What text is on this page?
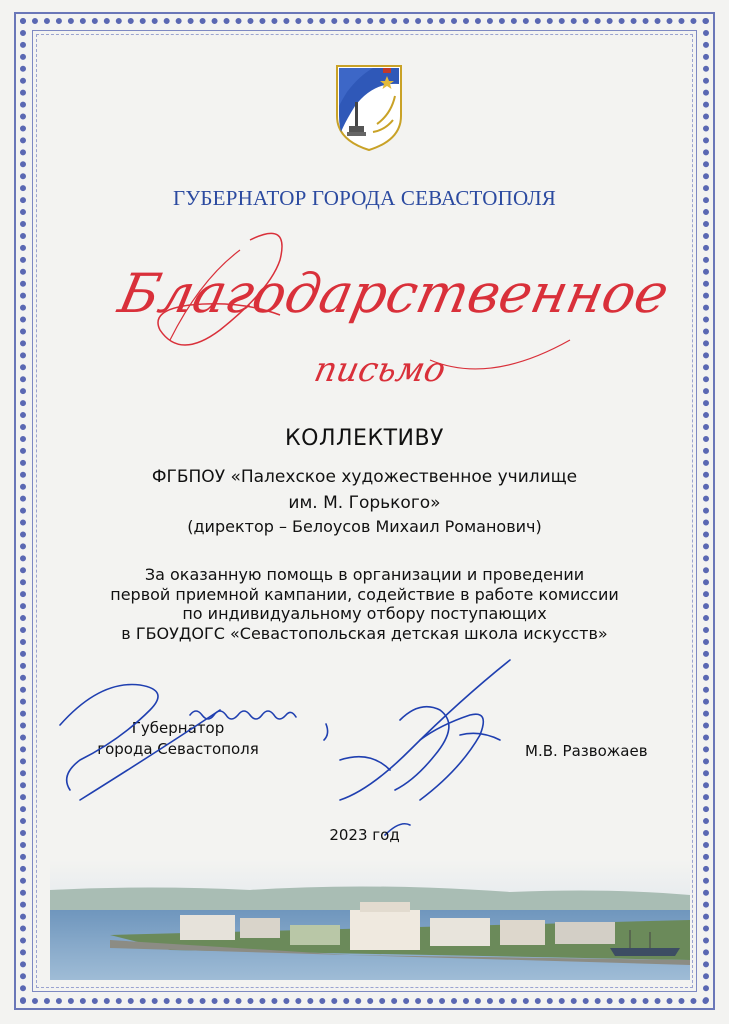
ГУБЕРНАТОР ГОРОДА СЕВАСТОПОЛЯ
Благодарственное
письмо
КОЛЛЕКТИВУ
ФГБПОУ «Палехское художественное училище
им. М. Горького»
(директор – Белоусов Михаил Романович)
За оказанную помощь в организации и проведении
первой приемной кампании, содействие в работе комиссии
по индивидуальному отбору поступающих
в ГБОУДОГС «Севастопольская детская школа искусств»
Губернатор
города Севастополя	М.В. Развожаев
2023 год
